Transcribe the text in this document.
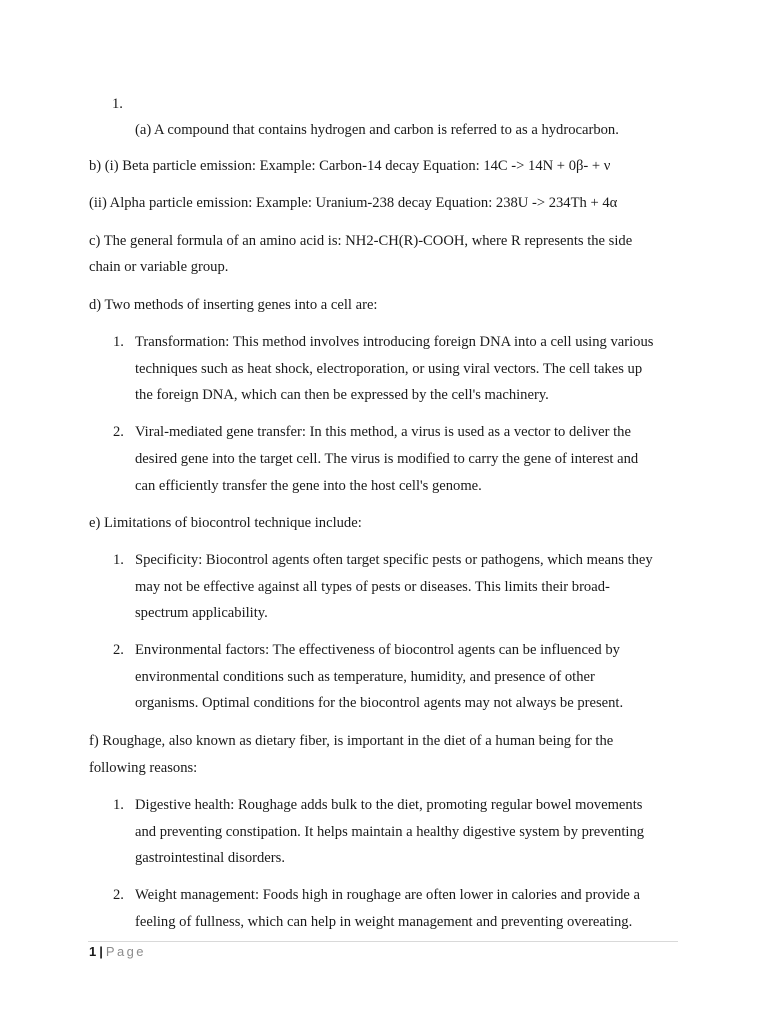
1.
(a) A compound that contains hydrogen and carbon is referred to as a hydrocarbon.
b) (i) Beta particle emission: Example: Carbon-14 decay Equation: 14C -> 14N + 0β- + ν
(ii) Alpha particle emission: Example: Uranium-238 decay Equation: 238U -> 234Th + 4α
c) The general formula of an amino acid is: NH2-CH(R)-COOH, where R represents the side
chain or variable group.
d) Two methods of inserting genes into a cell are:
1. Transformation: This method involves introducing foreign DNA into a cell using various
techniques such as heat shock, electroporation, or using viral vectors. The cell takes up
the foreign DNA, which can then be expressed by the cell's machinery.
2. Viral-mediated gene transfer: In this method, a virus is used as a vector to deliver the
desired gene into the target cell. The virus is modified to carry the gene of interest and
can efficiently transfer the gene into the host cell's genome.
e) Limitations of biocontrol technique include:
1. Specificity: Biocontrol agents often target specific pests or pathogens, which means they
may not be effective against all types of pests or diseases. This limits their broad-
spectrum applicability.
2. Environmental factors: The effectiveness of biocontrol agents can be influenced by
environmental conditions such as temperature, humidity, and presence of other
organisms. Optimal conditions for the biocontrol agents may not always be present.
f) Roughage, also known as dietary fiber, is important in the diet of a human being for the
following reasons:
1. Digestive health: Roughage adds bulk to the diet, promoting regular bowel movements
and preventing constipation. It helps maintain a healthy digestive system by preventing
gastrointestinal disorders.
2. Weight management: Foods high in roughage are often lower in calories and provide a
feeling of fullness, which can help in weight management and preventing overeating.
1 | Page
